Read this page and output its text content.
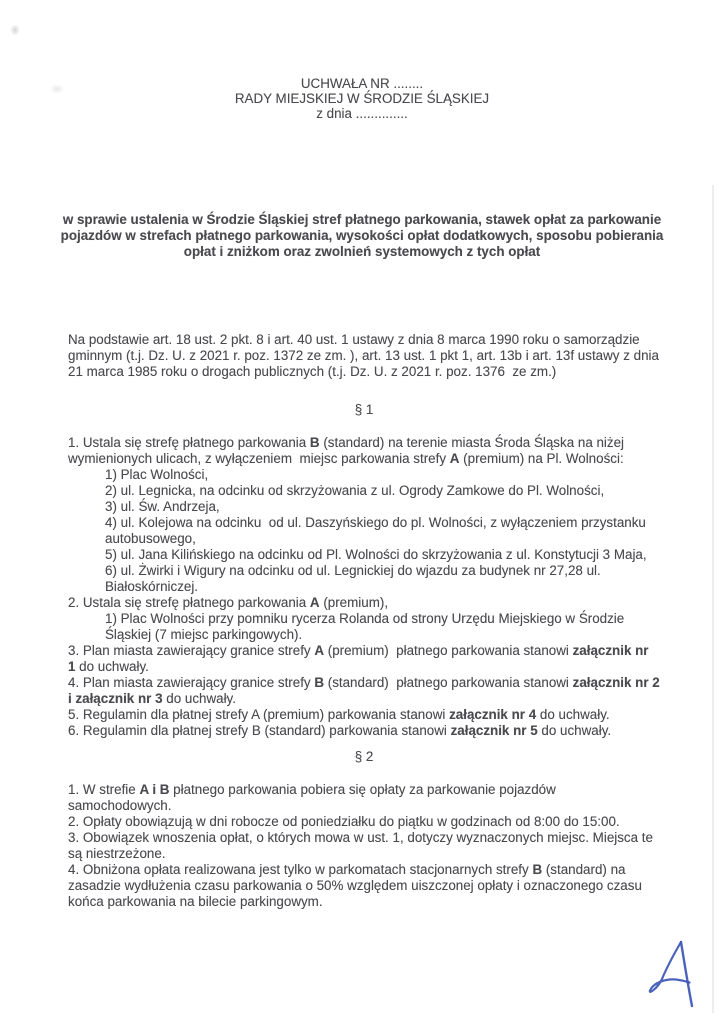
UCHWAŁA NR ........
RADY MIEJSKIEJ W ŚRODZIE ŚLĄSKIEJ
z dnia ..............
w sprawie ustalenia w Środzie Śląskiej stref płatnego parkowania, stawek opłat za parkowanie pojazdów w strefach płatnego parkowania, wysokości opłat dodatkowych, sposobu pobierania opłat i zniżkom oraz zwolnień systemowych z tych opłat
Na podstawie art. 18 ust. 2 pkt. 8 i art. 40 ust. 1 ustawy z dnia 8 marca 1990 roku o samorządzie gminnym (t.j. Dz. U. z 2021 r. poz. 1372 ze zm. ), art. 13 ust. 1 pkt 1, art. 13b i art. 13f ustawy z dnia 21 marca 1985 roku o drogach publicznych (t.j. Dz. U. z 2021 r. poz. 1376  ze zm.)
§ 1
1. Ustala się strefę płatnego parkowania B (standard) na terenie miasta Środa Śląska na niżej wymienionych ulicach, z wyłączeniem  miejsc parkowania strefy A (premium) na Pl. Wolności:
1) Plac Wolności,
2) ul. Legnicka, na odcinku od skrzyżowania z ul. Ogrody Zamkowe do Pl. Wolności,
3) ul. Św. Andrzeja,
4) ul. Kolejowa na odcinku  od ul. Daszyńskiego do pl. Wolności, z wyłączeniem przystanku autobusowego,
5) ul. Jana Kilińskiego na odcinku od Pl. Wolności do skrzyżowania z ul. Konstytucji 3 Maja,
6) ul. Żwirki i Wigury na odcinku od ul. Legnickiej do wjazdu za budynek nr 27,28 ul. Białoskórniczej.
2. Ustala się strefę płatnego parkowania A (premium),
1) Plac Wolności przy pomniku rycerza Rolanda od strony Urzędu Miejskiego w Środzie Śląskiej (7 miejsc parkingowych).
3. Plan miasta zawierający granice strefy A (premium)  płatnego parkowania stanowi załącznik nr  1 do uchwały.
4. Plan miasta zawierający granice strefy B (standard)  płatnego parkowania stanowi załącznik nr 2 i załącznik nr 3 do uchwały.
5. Regulamin dla płatnej strefy A (premium) parkowania stanowi załącznik nr 4 do uchwały.
6. Regulamin dla płatnej strefy B (standard) parkowania stanowi załącznik nr 5 do uchwały.
§ 2
1. W strefie A i B płatnego parkowania pobiera się opłaty za parkowanie pojazdów samochodowych.
2. Opłaty obowiązują w dni robocze od poniedziałku do piątku w godzinach od 8:00 do 15:00.
3. Obowiązek wnoszenia opłat, o których mowa w ust. 1, dotyczy wyznaczonych miejsc. Miejsca te są niestrzeżone.
4. Obniżona opłata realizowana jest tylko w parkomatach stacjonarnych strefy B (standard) na zasadzie wydłużenia czasu parkowania o 50% względem uiszczonej opłaty i oznaczonego czasu końca parkowania na bilecie parkingowym.
